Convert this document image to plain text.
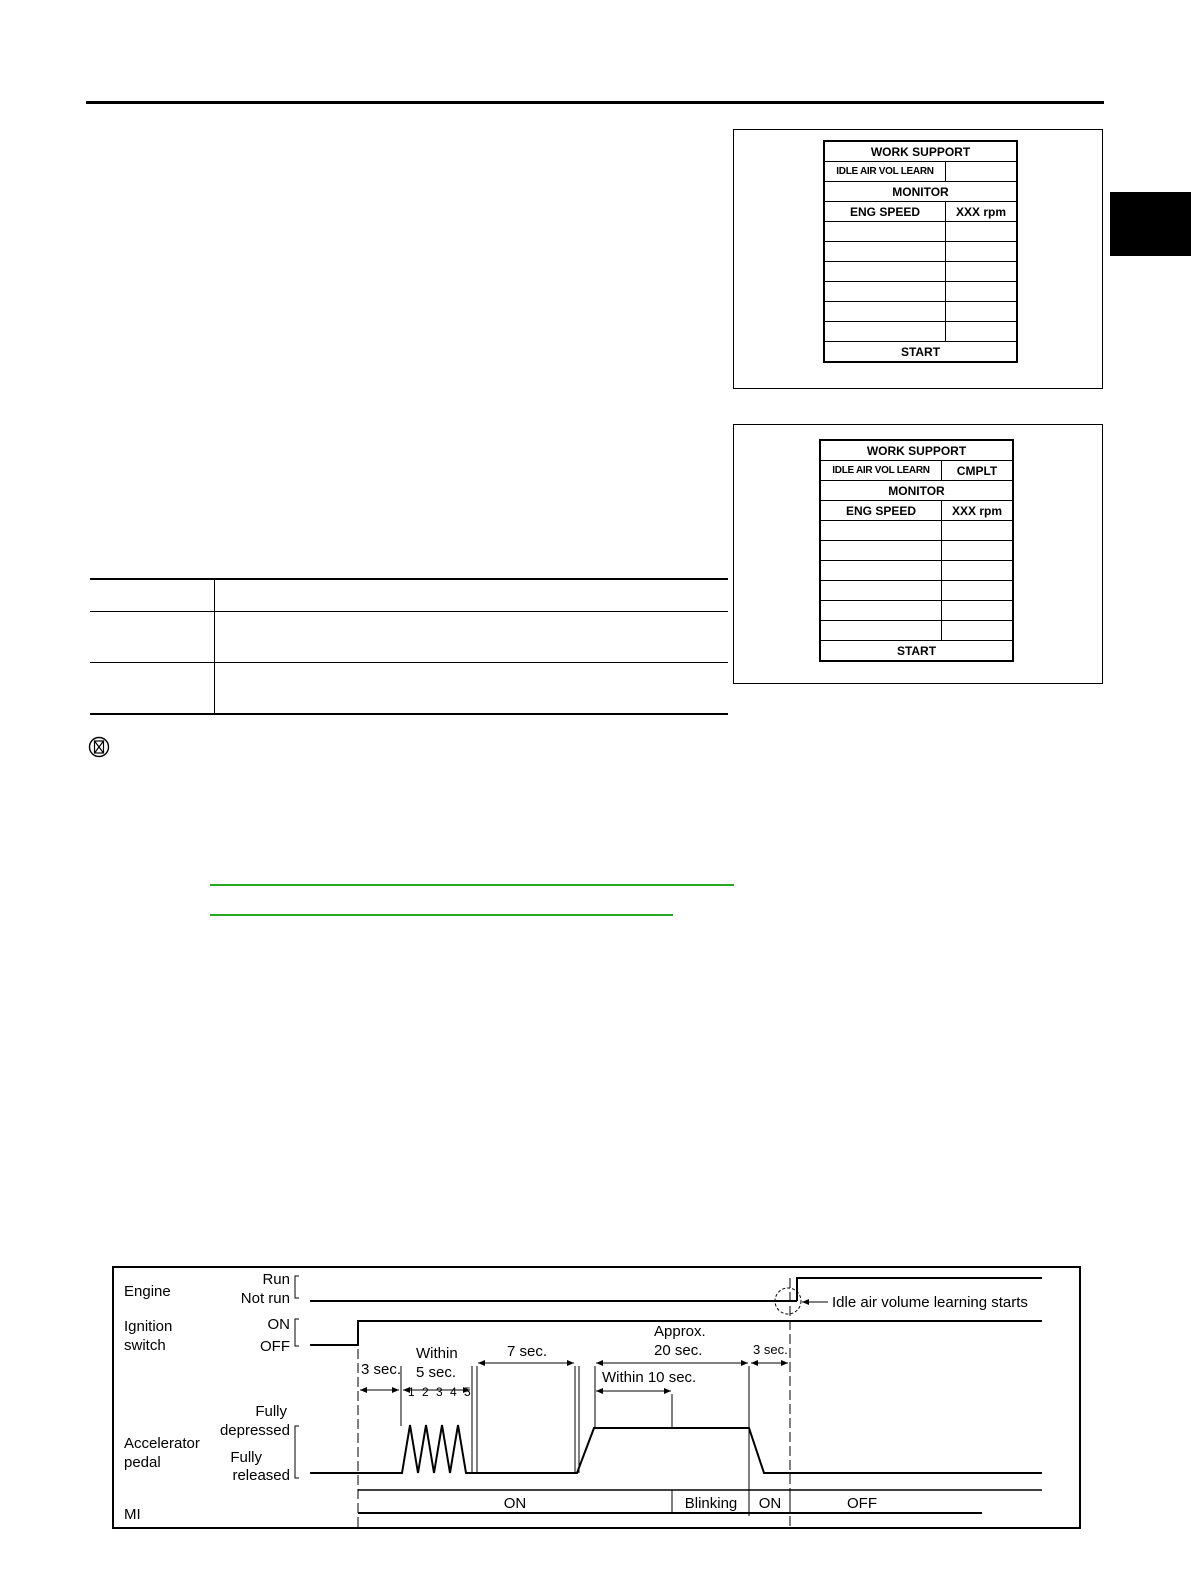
WORK SUPPORT	
IDLE AIR VOL LEARN	
MONITOR	
ENG SPEED	XXX rpm

START	
WORK SUPPORT	
IDLE AIR VOL LEARN	CMPLT
MONITOR	
ENG SPEED	XXX rpm

START	

Engine
Run
Not run
Ignition
switch
ON
OFF
Fully
depressed
Accelerator
pedal	Fully
released
MI
Idle air volume learning starts
3 sec.
Within
5 sec.
1 2 3 4 5
7 sec.
Approx.
20 sec.
Within 10 sec.
3 sec.
ON	Blinking ON	OFF
